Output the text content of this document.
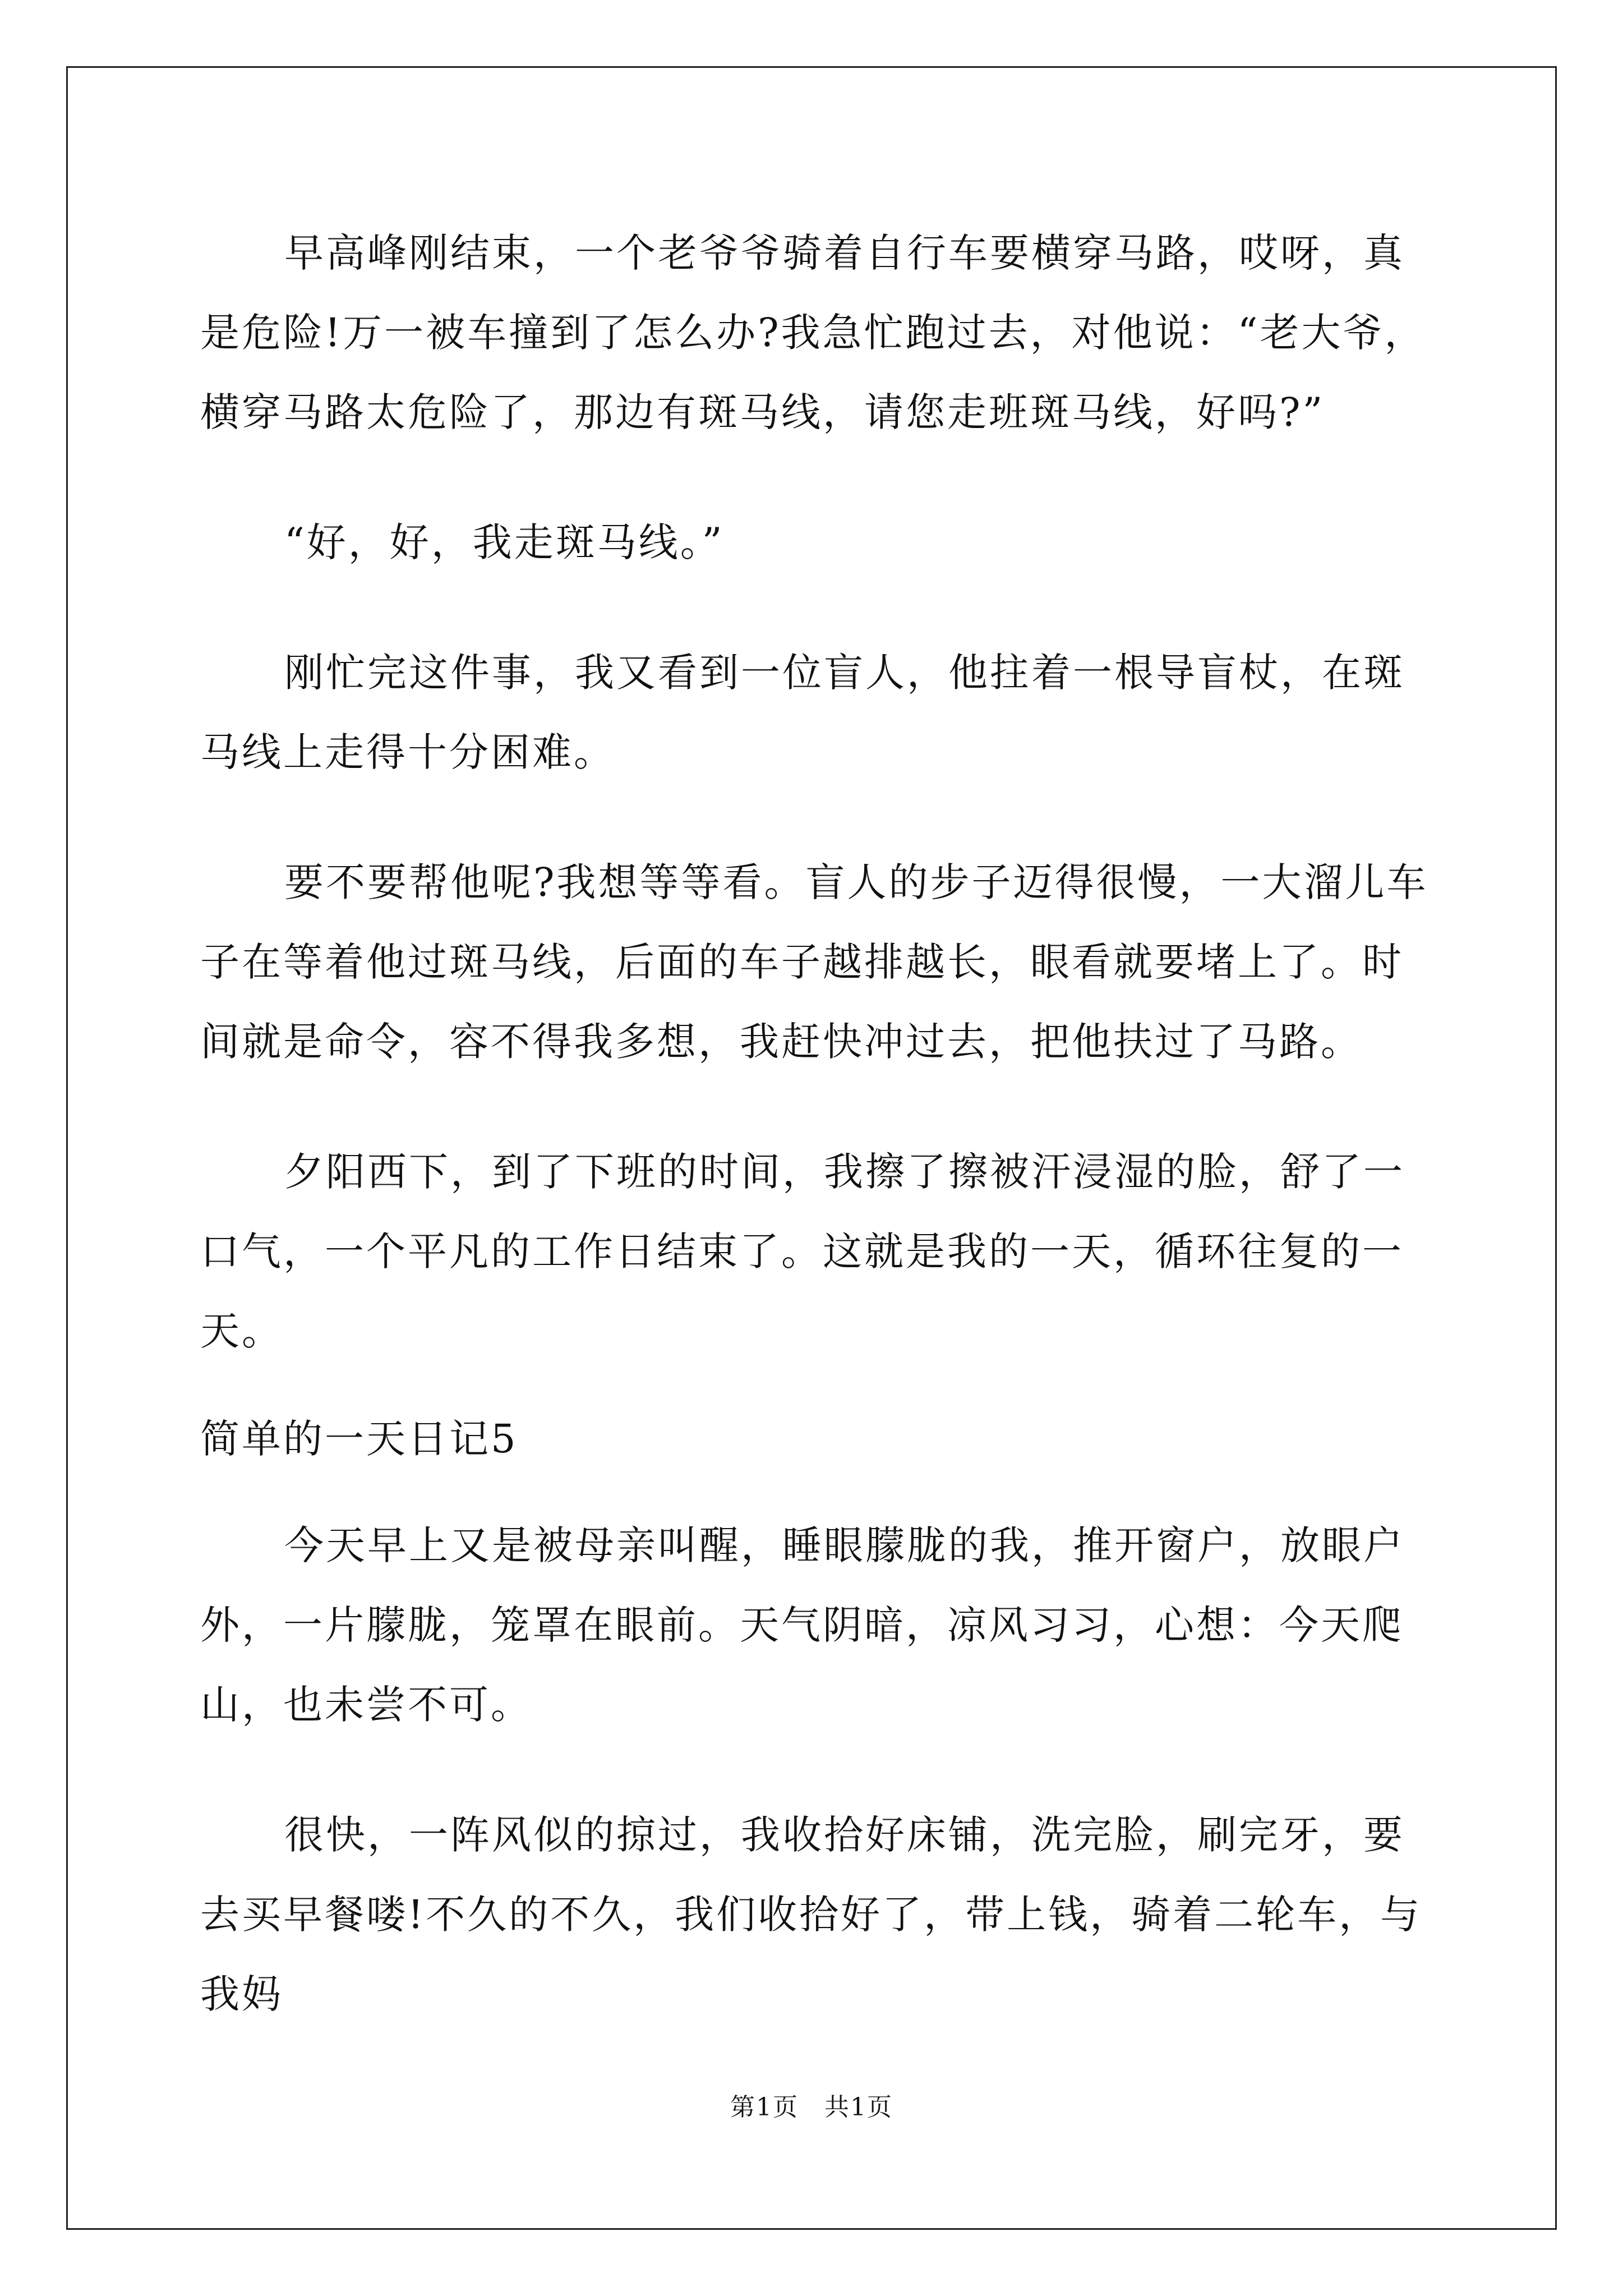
早高峰刚结束，一个老爷爷骑着自行车要横穿马路，哎呀，真是危险!万一被车撞到了怎么办?我急忙跑过去，对他说：“老大爷，横穿马路太危险了，那边有斑马线，请您走班斑马线，好吗?”

“好，好，我走斑马线。”

刚忙完这件事，我又看到一位盲人，他拄着一根导盲杖，在斑马线上走得十分困难。

要不要帮他呢?我想等等看。盲人的步子迈得很慢，一大溜儿车子在等着他过斑马线，后面的车子越排越长，眼看就要堵上了。时间就是命令，容不得我多想，我赶快冲过去，把他扶过了马路。

夕阳西下，到了下班的时间，我擦了擦被汗浸湿的脸，舒了一口气，一个平凡的工作日结束了。这就是我的一天，循环往复的一天。

简单的一天日记5

今天早上又是被母亲叫醒，睡眼朦胧的我，推开窗户，放眼户外，一片朦胧，笼罩在眼前。天气阴暗，凉风习习，心想：今天爬山，也未尝不可。

很快，一阵风似的掠过，我收拾好床铺，洗完脸，刷完牙，要去买早餐喽!不久的不久，我们收拾好了，带上钱，骑着二轮车，与我妈

第1页　共1页
